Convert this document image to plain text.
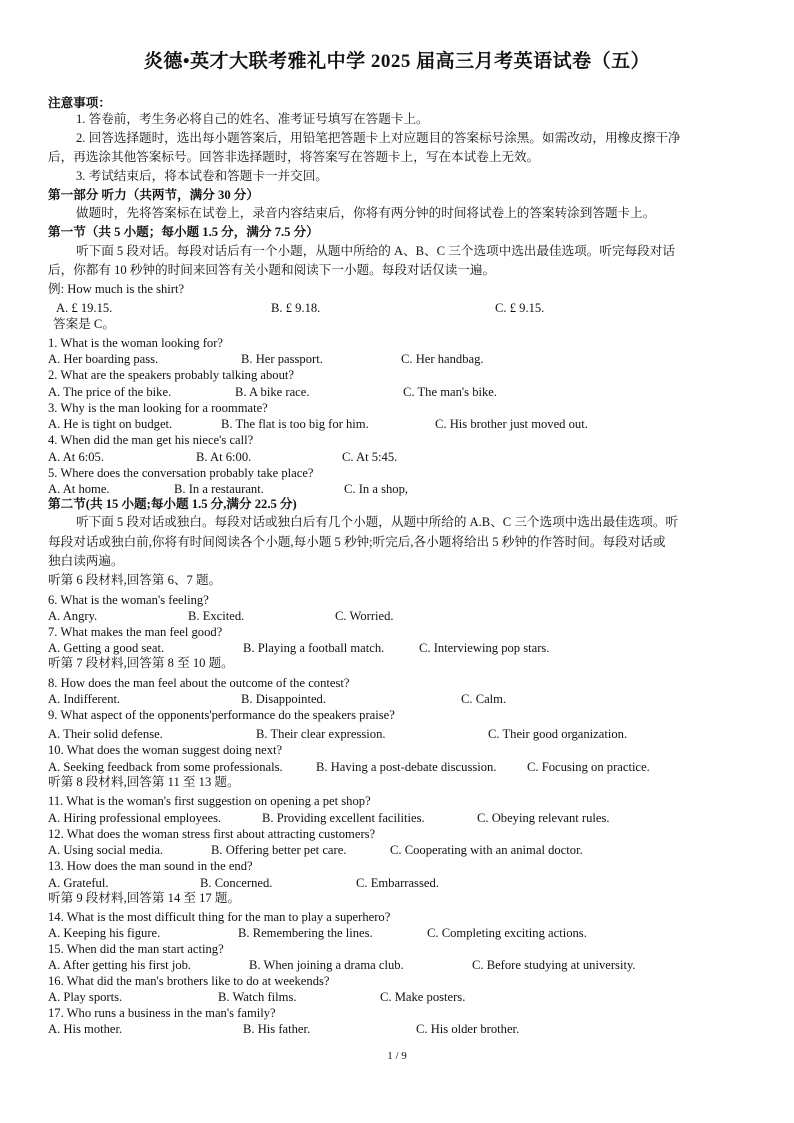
炎德•英才大联考雅礼中学 2025 届高三月考英语试卷（五）
注意事项：
1. 答卷前，考生务必将自己的姓名、准考证号填写在答题卡上。
2. 回答选择题时，选出每小题答案后，用铅笔把答题卡上对应题目的答案标号涂黑。如需改动，用橡皮擦干净
后，再选涂其他答案标号。回答非选择题时，将答案写在答题卡上，写在本试卷上无效。
3. 考试结束后，将本试卷和答题卡一并交回。
第一部分 听力（共两节，满分 30 分）
做题时，先将答案标在试卷上，录音内容结束后，你将有两分钟的时间将试卷上的答案转涂到答题卡上。
第一节（共 5 小题；每小题 1.5 分，满分 7.5 分）
听下面 5 段对话。每段对话后有一个小题，从题中所给的 A、B、C 三个选项中选出最佳选项。听完每段对话
后，你都有 10 秒钟的时间来回答有关小题和阅读下一小题。每段对话仅读一遍。
例: How much is the shirt?
A. £ 19.15.	B. £ 9.18.	C. £ 9.15.
答案是 C。
1. What is the woman looking for?
A. Her boarding pass.	B. Her passport.	C. Her handbag.
2. What are the speakers probably talking about?
A. The price of the bike.	B. A bike race.	C. The man's bike.
3. Why is the man looking for a roommate?
A. He is tight on budget.	B. The flat is too big for him.	C. His brother just moved out.
4. When did the man get his niece's call?
A. At 6:05.	B. At 6:00.	C. At 5:45.
5. Where does the conversation probably take place?
A. At home.	B. In a restaurant.	C. In a shop,
第二节(共 15 小题;每小题 1.5 分,满分 22.5 分)
听下面 5 段对话或独白。每段对话或独白后有几个小题，从题中所给的 A.B、C 三个选项中选出最佳选项。听
每段对话或独白前,你将有时间阅读各个小题,每小题 5 秒钟;听完后,各小题将给出 5 秒钟的作答时间。每段对话或
独白读两遍。
听第 6 段材料,回答第 6、7 题。
6. What is the woman's feeling?
A. Angry.	B. Excited.	C. Worried.
7. What makes the man feel good?
A. Getting a good seat.	B. Playing a football match.	C. Interviewing pop stars.
听第 7 段材料,回答第 8 至 10 题。
8. How does the man feel about the outcome of the contest?
A. Indifferent.	B. Disappointed.	C. Calm.
9. What aspect of the opponents'performance do the speakers praise?
A. Their solid defense.	B. Their clear expression.	C. Their good organization.
10. What does the woman suggest doing next?
A. Seeking feedback from some professionals.	B. Having a post-debate discussion. C. Focusing on practice.
听第 8 段材料,回答第 11 至 13 题。
11. What is the woman's first suggestion on opening a pet shop?
A. Hiring professional employees.	B. Providing excellent facilities.	C. Obeying relevant rules.
12. What does the woman stress first about attracting customers?
A. Using social media.	B. Offering better pet care.	C. Cooperating with an animal doctor.
13. How does the man sound in the end?
A. Grateful.	B. Concerned.	C. Embarrassed.
听第 9 段材料,回答第 14 至 17 题。
14. What is the most difficult thing for the man to play a superhero?
A. Keeping his figure.	B. Remembering the lines.	C. Completing exciting actions.
15. When did the man start acting?
A. After getting his first job.	B. When joining a drama club.	C. Before studying at university.
16. What did the man's brothers like to do at weekends?
A. Play sports.	B. Watch films.	C. Make posters.
17. Who runs a business in the man's family?
A. His mother.	B. His father.	C. His older brother.
1 / 9
